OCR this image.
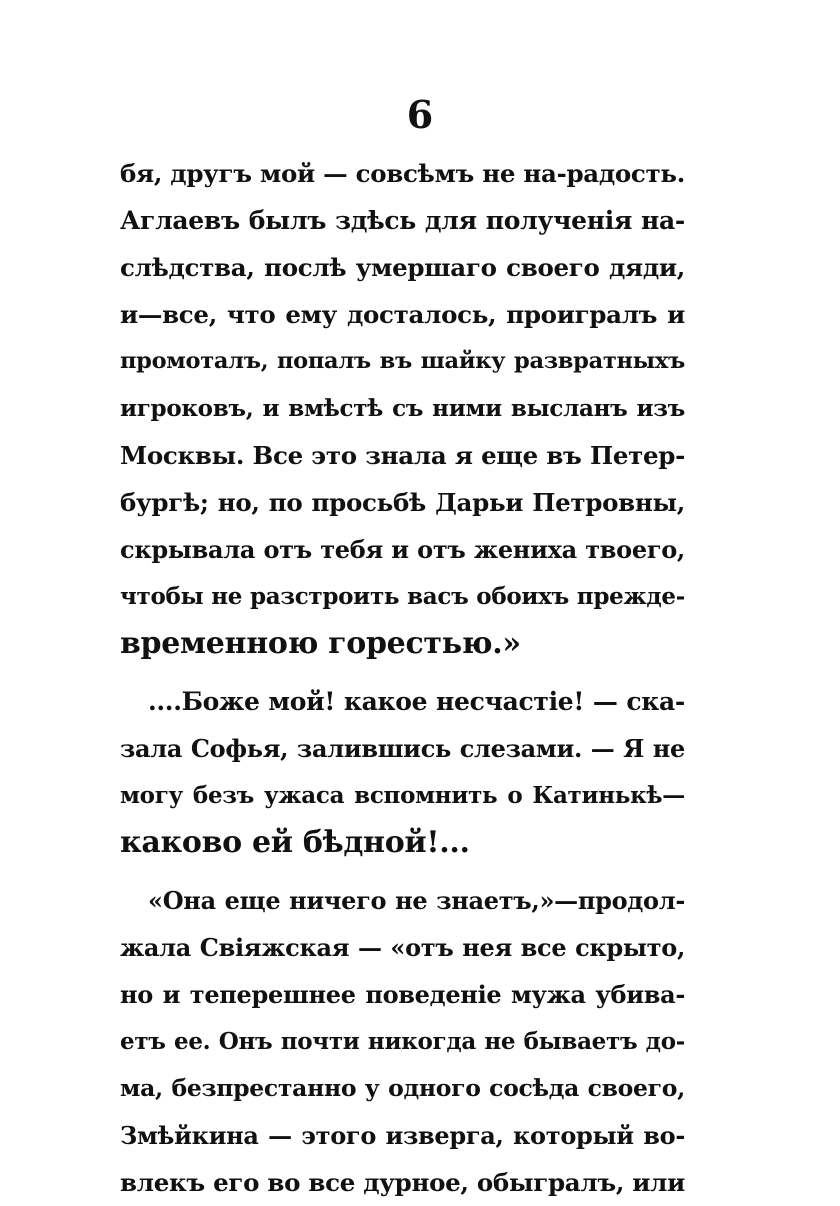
6
бя, другъ мой — совсѣмъ не на-радость.
Аглаевъ былъ здѣсь для полученія на-
слѣдства, послѣ умершаго своего дяди,
и—все, что ему досталось, проигралъ и
промоталъ, попалъ въ шайку развратныхъ
игроковъ, и вмѣстѣ съ ними высланъ изъ
Москвы. Все это знала я еще въ Петер-
бургѣ; но, по просьбѣ Дарьи Петровны,
скрывала отъ тебя и отъ жениха твоего,
чтобы не разстроить васъ обоихъ прежде-
временною горестью.»
....Боже мой! какое несчастіе! — ска-
зала Софья, залившись слезами. — Я не
могу безъ ужаса вспомнить о Катинькѣ—
каково ей бѣдной!...
«Она еще ничего не знаетъ,»—продол-
жала Свіяжская — «отъ нея все скрыто,
но и теперешнее поведеніе мужа убива-
етъ ее. Онъ почти никогда не бываетъ до-
ма, безпрестанно у одного сосѣда своего,
Змѣйкина — этого изверга, который во-
влекъ его во все дурное, обыгралъ, или
